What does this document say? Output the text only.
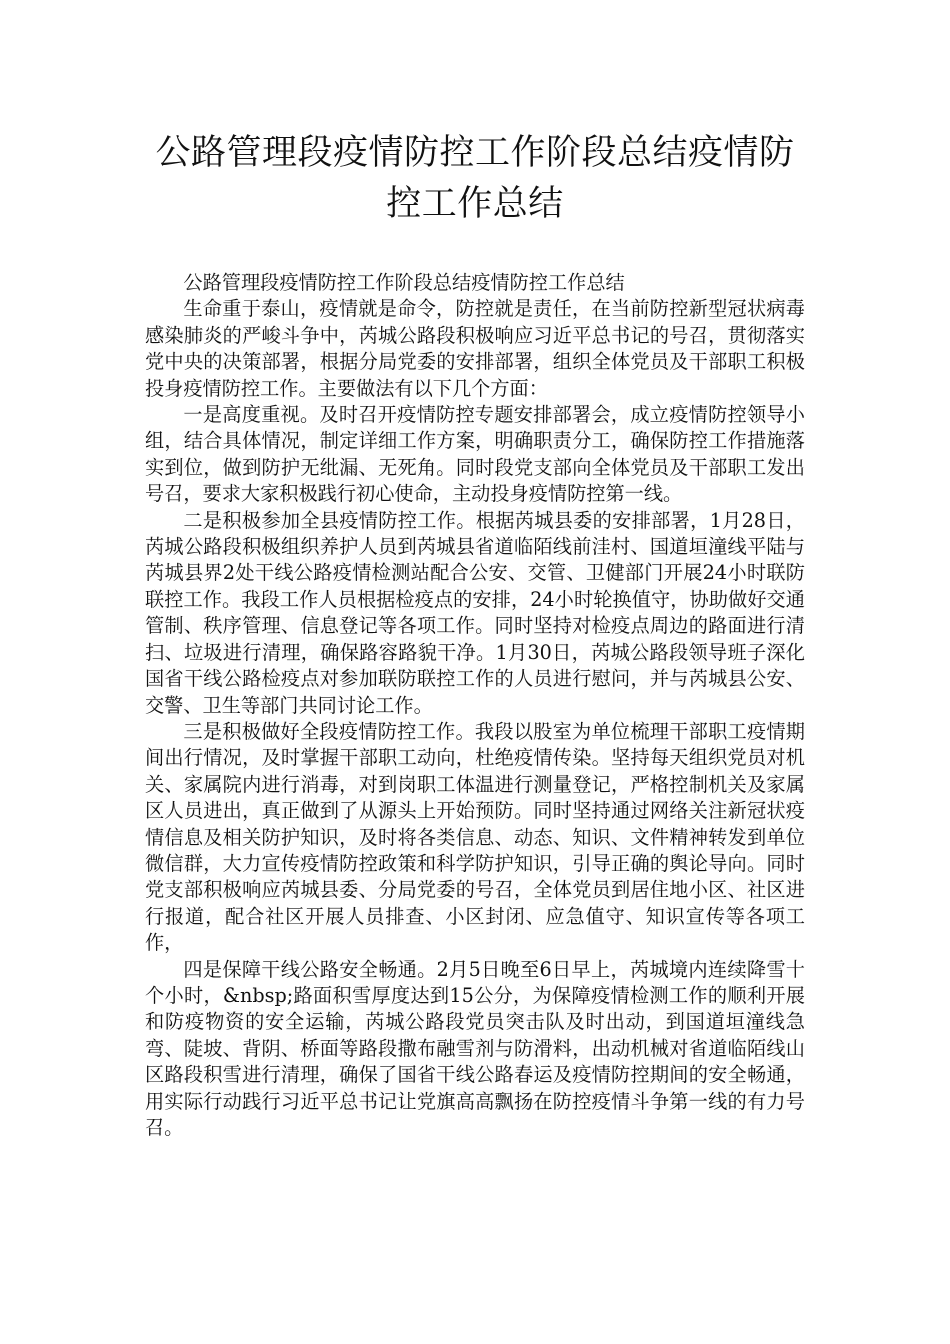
公路管理段疫情防控工作阶段总结疫情防
控工作总结

公路管理段疫情防控工作阶段总结疫情防控工作总结

生命重于泰山，疫情就是命令，防控就是责任，在当前防控新型冠状病毒感染肺炎的严峻斗争中，芮城公路段积极响应习近平总书记的号召，贯彻落实党中央的决策部署，根据分局党委的安排部署，组织全体党员及干部职工积极投身疫情防控工作。主要做法有以下几个方面：

一是高度重视。及时召开疫情防控专题安排部署会，成立疫情防控领导小组，结合具体情况，制定详细工作方案，明确职责分工，确保防控工作措施落实到位，做到防护无纰漏、无死角。同时段党支部向全体党员及干部职工发出号召，要求大家积极践行初心使命，主动投身疫情防控第一线。

二是积极参加全县疫情防控工作。根据芮城县委的安排部署，1月28日，芮城公路段积极组织养护人员到芮城县省道临陌线前洼村、国道垣潼线平陆与芮城县界2处干线公路疫情检测站配合公安、交管、卫健部门开展24小时联防联控工作。我段工作人员根据检疫点的安排，24小时轮换值守，协助做好交通管制、秩序管理、信息登记等各项工作。同时坚持对检疫点周边的路面进行清扫、垃圾进行清理，确保路容路貌干净。1月30日，芮城公路段领导班子深化国省干线公路检疫点对参加联防联控工作的人员进行慰问，并与芮城县公安、交警、卫生等部门共同讨论工作。

三是积极做好全段疫情防控工作。我段以股室为单位梳理干部职工疫情期间出行情况，及时掌握干部职工动向，杜绝疫情传染。坚持每天组织党员对机关、家属院内进行消毒，对到岗职工体温进行测量登记，严格控制机关及家属区人员进出，真正做到了从源头上开始预防。同时坚持通过网络关注新冠状疫情信息及相关防护知识，及时将各类信息、动态、知识、文件精神转发到单位微信群，大力宣传疫情防控政策和科学防护知识，引导正确的舆论导向。同时党支部积极响应芮城县委、分局党委的号召，全体党员到居住地小区、社区进行报道，配合社区开展人员排查、小区封闭、应急值守、知识宣传等各项工作，

四是保障干线公路安全畅通。2月5日晚至6日早上，芮城境内连续降雪十个小时，&nbsp;路面积雪厚度达到15公分，为保障疫情检测工作的顺利开展和防疫物资的安全运输，芮城公路段党员突击队及时出动，到国道垣潼线急弯、陡坡、背阴、桥面等路段撒布融雪剂与防滑料，出动机械对省道临陌线山区路段积雪进行清理，确保了国省干线公路春运及疫情防控期间的安全畅通，用实际行动践行习近平总书记让党旗高高飘扬在防控疫情斗争第一线的有力号召。
